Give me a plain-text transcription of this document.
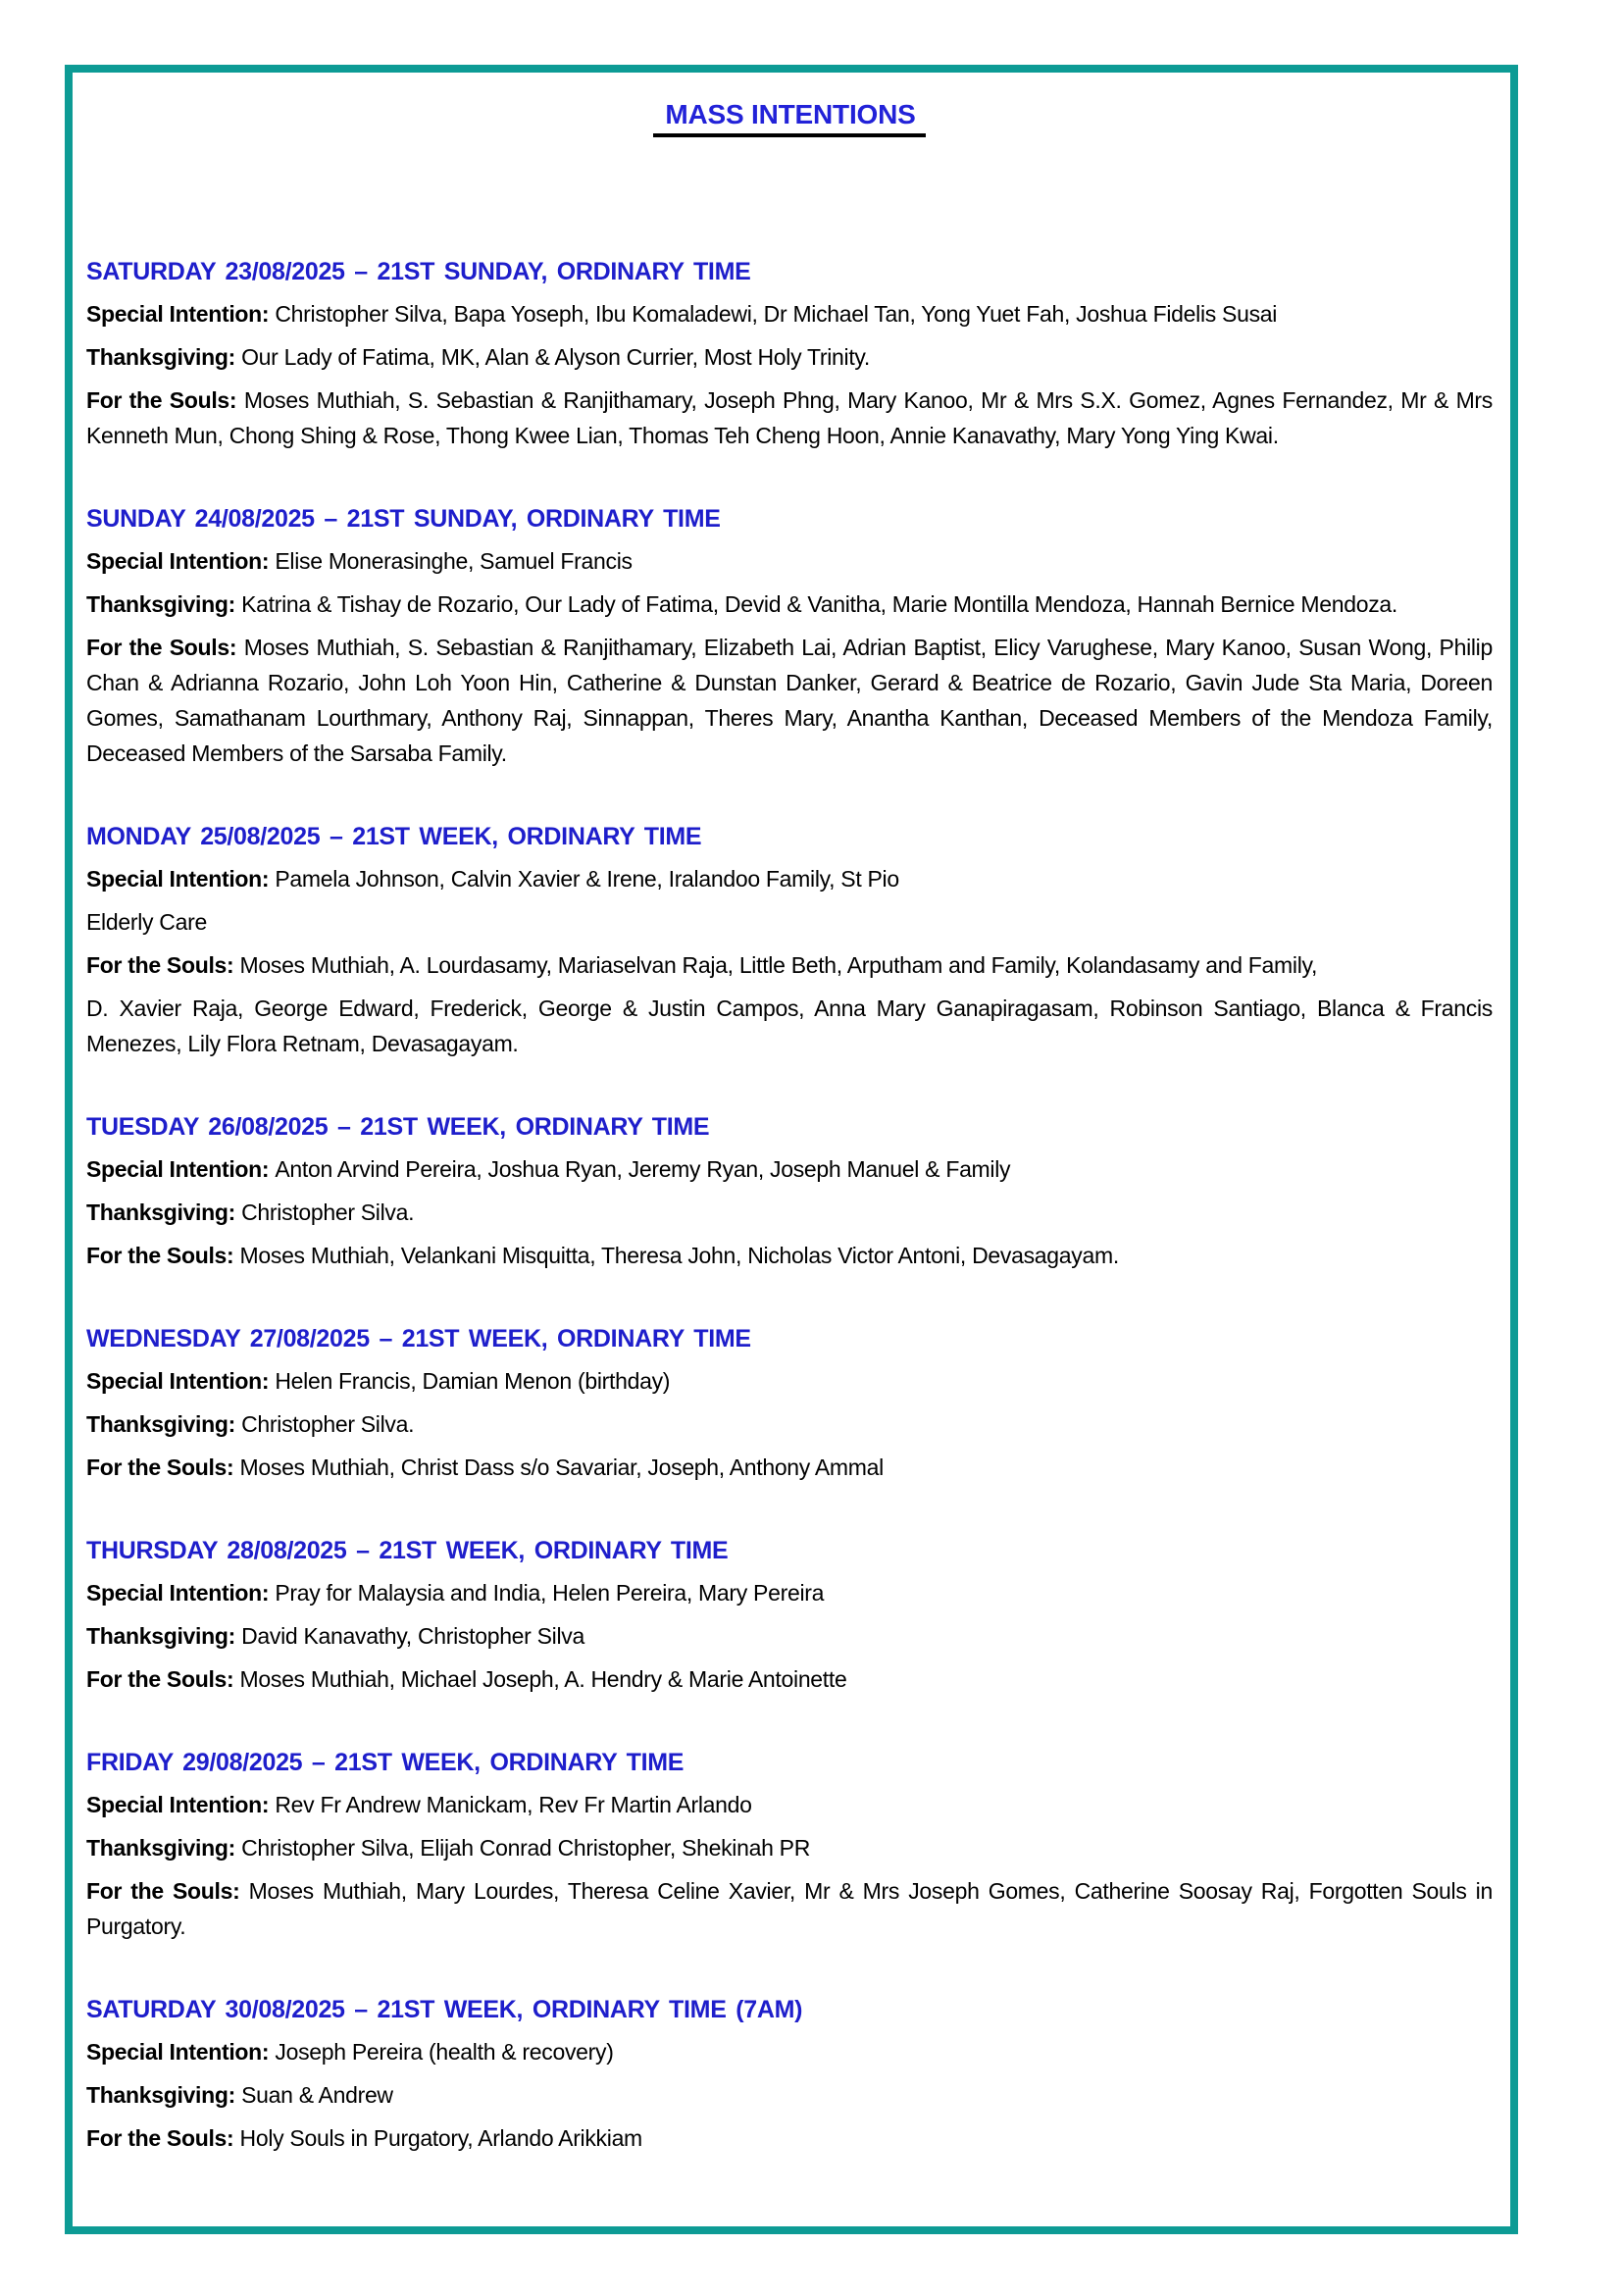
MASS INTENTIONS
SATURDAY 23/08/2025 – 21ST SUNDAY, ORDINARY TIME

Special Intention: Christopher Silva, Bapa Yoseph, Ibu Komaladewi, Dr Michael Tan, Yong Yuet Fah, Joshua Fidelis Susai

Thanksgiving: Our Lady of Fatima, MK, Alan & Alyson Currier, Most Holy Trinity.

For the Souls: Moses Muthiah, S. Sebastian & Ranjithamary, Joseph Phng, Mary Kanoo, Mr & Mrs S.X. Gomez, Agnes Fernandez, Mr & Mrs Kenneth Mun, Chong Shing & Rose, Thong Kwee Lian, Thomas Teh Cheng Hoon, Annie Kanavathy, Mary Yong Ying Kwai.

SUNDAY 24/08/2025 – 21ST SUNDAY, ORDINARY TIME

Special Intention: Elise Monerasinghe, Samuel Francis

Thanksgiving: Katrina & Tishay de Rozario, Our Lady of Fatima, Devid & Vanitha, Marie Montilla Mendoza, Hannah Bernice Mendoza.

For the Souls: Moses Muthiah, S. Sebastian & Ranjithamary, Elizabeth Lai, Adrian Baptist, Elicy Varughese, Mary Kanoo, Susan Wong, Philip Chan & Adrianna Rozario, John Loh Yoon Hin, Catherine & Dunstan Danker, Gerard & Beatrice de Rozario, Gavin Jude Sta Maria, Doreen Gomes, Samathanam Lourthmary, Anthony Raj, Sinnappan, Theres Mary, Anantha Kanthan, Deceased Members of the Mendoza Family, Deceased Members of the Sarsaba Family.

MONDAY 25/08/2025 – 21ST WEEK, ORDINARY TIME

Special Intention: Pamela Johnson, Calvin Xavier & Irene, Iralandoo Family, St Pio

Elderly Care

For the Souls: Moses Muthiah, A. Lourdasamy, Mariaselvan Raja, Little Beth, Arputham and Family, Kolandasamy and Family,

D. Xavier Raja, George Edward, Frederick, George & Justin Campos, Anna Mary Ganapiragasam, Robinson Santiago, Blanca & Francis Menezes, Lily Flora Retnam, Devasagayam.

TUESDAY 26/08/2025 – 21ST WEEK, ORDINARY TIME

Special Intention: Anton Arvind Pereira, Joshua Ryan, Jeremy Ryan, Joseph Manuel & Family

Thanksgiving: Christopher Silva.

For the Souls: Moses Muthiah, Velankani Misquitta, Theresa John, Nicholas Victor Antoni, Devasagayam.

WEDNESDAY 27/08/2025 – 21ST WEEK, ORDINARY TIME

Special Intention: Helen Francis, Damian Menon (birthday)

Thanksgiving: Christopher Silva.

For the Souls: Moses Muthiah, Christ Dass s/o Savariar, Joseph, Anthony Ammal

THURSDAY 28/08/2025 – 21ST WEEK, ORDINARY TIME

Special Intention: Pray for Malaysia and India, Helen Pereira, Mary Pereira

Thanksgiving: David Kanavathy, Christopher Silva

For the Souls: Moses Muthiah, Michael Joseph, A. Hendry & Marie Antoinette

FRIDAY 29/08/2025 – 21ST WEEK, ORDINARY TIME

Special Intention: Rev Fr Andrew Manickam, Rev Fr Martin Arlando

Thanksgiving: Christopher Silva, Elijah Conrad Christopher, Shekinah PR

For the Souls: Moses Muthiah, Mary Lourdes, Theresa Celine Xavier, Mr & Mrs Joseph Gomes, Catherine Soosay Raj, Forgotten Souls in Purgatory.

SATURDAY 30/08/2025 – 21ST WEEK, ORDINARY TIME (7AM)

Special Intention: Joseph Pereira (health & recovery)

Thanksgiving: Suan & Andrew

For the Souls: Holy Souls in Purgatory, Arlando Arikkiam
